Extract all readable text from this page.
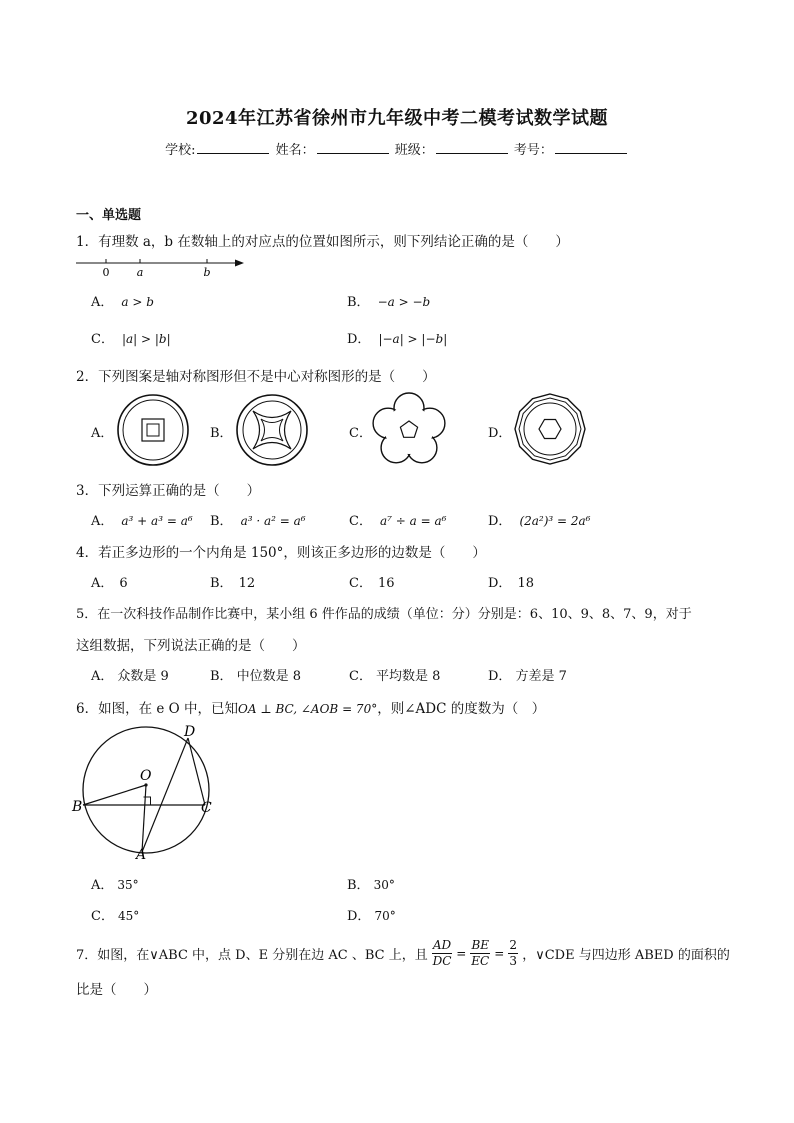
2024年江苏省徐州市九年级中考二模考试数学试题
学校:	姓名：	班级：	考号：
一、单选题
1．有理数 a，b 在数轴上的对应点的位置如图所示，则下列结论正确的是（　　）
0 a	b
A． a > b	B． −a > −b
C． |a| > |b|	D． |−a| > |−b|
2．下列图案是轴对称图形但不是中心对称图形的是（　　）
A．	B．	C．	D．
3．下列运算正确的是（　　）
A． a³ + a³ = a⁶ B． a³ · a² = a⁶	C． a⁷ ÷ a = a⁶	D． (2a²)³ = 2a⁶
4．若正多边形的一个内角是 150°，则该正多边形的边数是（　　）
A． 6	B． 12	C． 16	D． 18
5．在一次科技作品制作比赛中，某小组 6 件作品的成绩（单位：分）分别是：6、10、9、8、7、9，对于
这组数据，下列说法正确的是（　　）
A． 众数是 9	B． 中位数是 8	C． 平均数是 8	D． 方差是 7
6．如图，在 e O 中，已知OA ⊥ BC, ∠AOB = 70°，则∠ADC 的度数为（　）
D
O
B	C
A
A． 35°	B． 30°
C． 45°	D． 70°
7．如图，在∨ABC 中，点 D、E 分别在边 AC 、BC 上，且 $\frac{AD}{DC} = \frac{BE}{EC} = \frac{2}{3}$ ，∨CDE 与四边形 ABED 的面积的
比是（　　）
